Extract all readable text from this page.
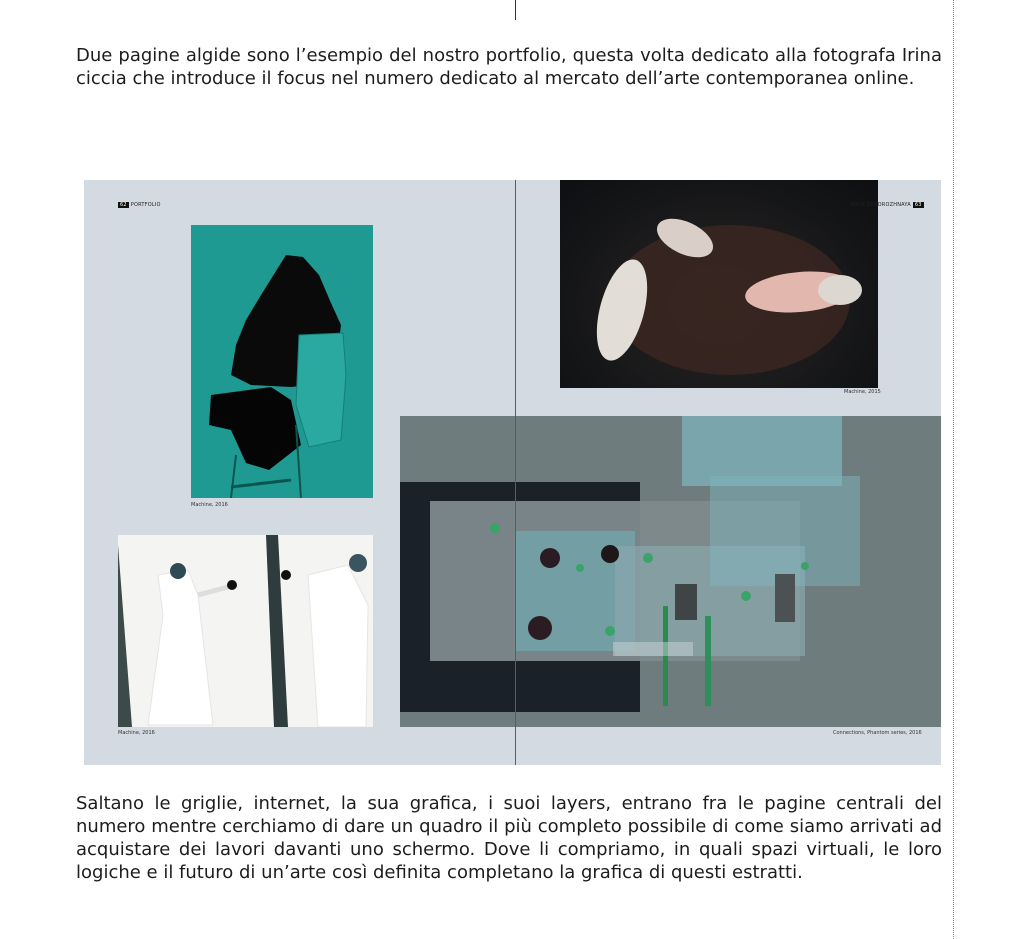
Due pagine algide sono l’esempio del nostro portfolio, questa volta dedicato alla fotografa Irina ciccia che introduce il focus nel numero dedicato al mercato dell’arte contemporanea online.

62 PORTFOLIO	IRINA ZADOROZHNAYA 63
Machine, 2016
Machine, 2015
Machine, 2016	Connections, Phantom series, 2016

Saltano le griglie, internet, la sua grafica, i suoi layers, entrano fra le pagine centrali del numero mentre cerchiamo di dare un quadro il più completo possibile di come siamo arrivati ad acquistare dei lavori davanti uno schermo. Dove li compriamo, in quali spazi virtuali, le loro logiche e il futuro di un’arte così definita completano la grafica di questi estratti.
